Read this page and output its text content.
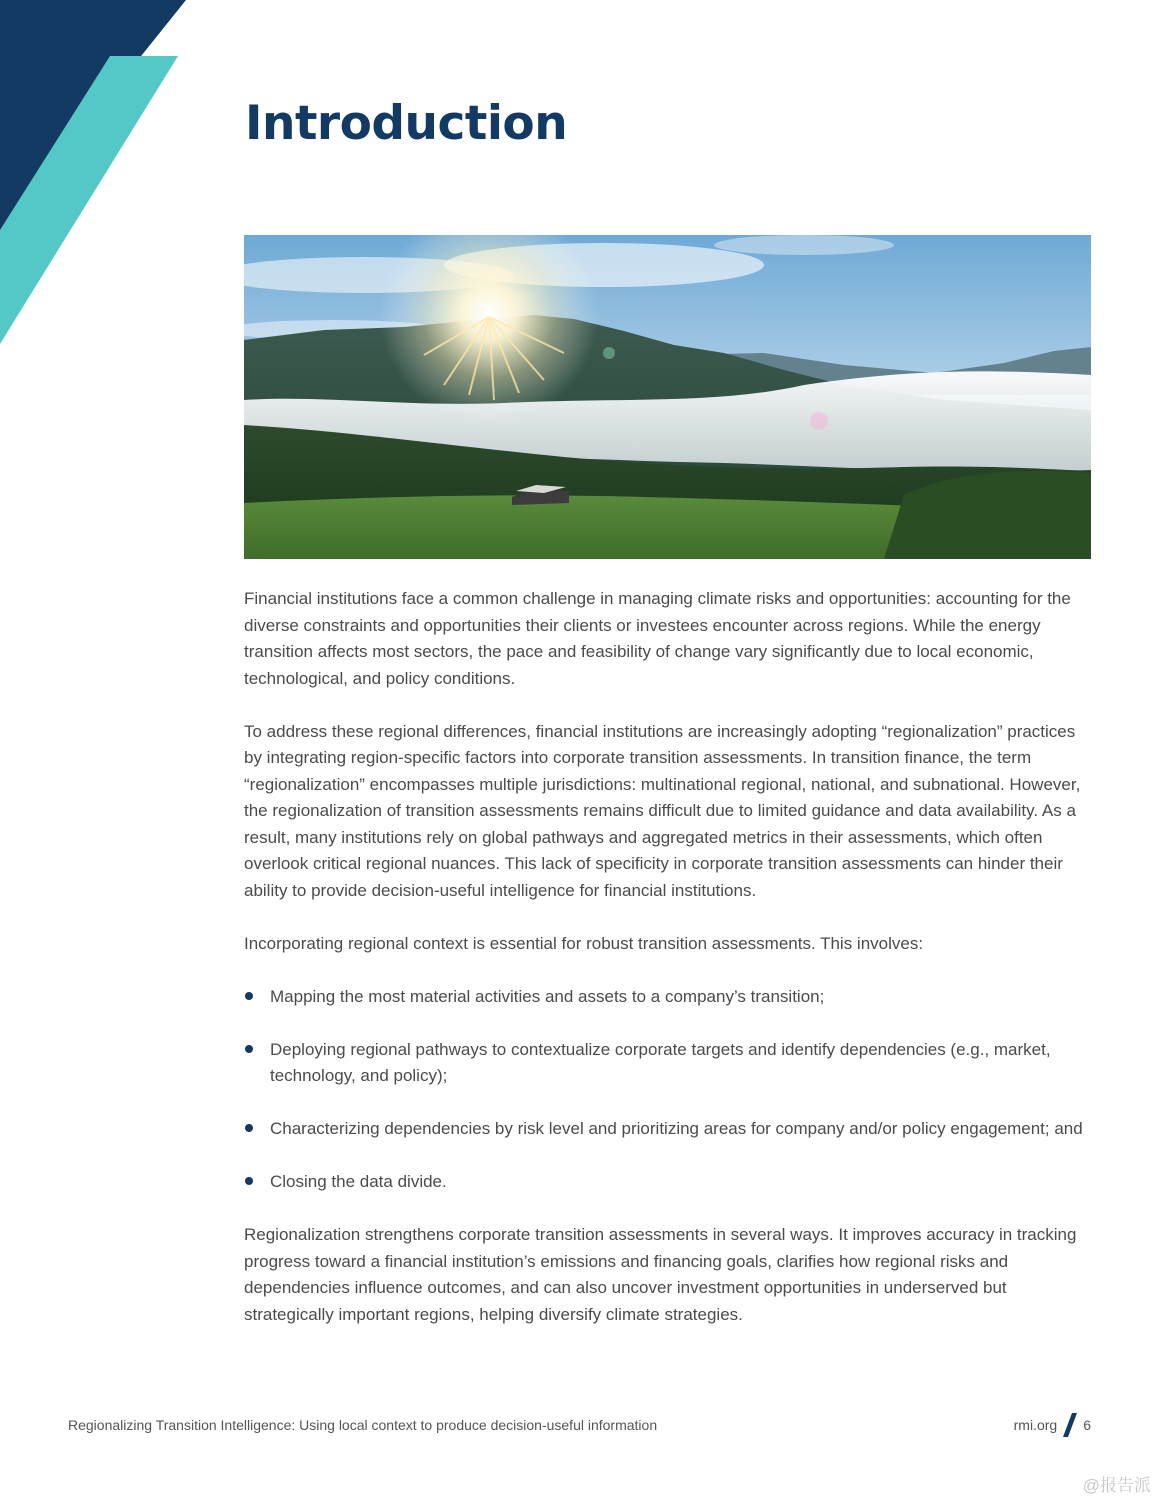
Introduction

Financial institutions face a common challenge in managing climate risks and opportunities: accounting for the diverse constraints and opportunities their clients or investees encounter across regions. While the energy transition affects most sectors, the pace and feasibility of change vary significantly due to local economic, technological, and policy conditions.

To address these regional differences, financial institutions are increasingly adopting “regionalization” practices by integrating region-specific factors into corporate transition assessments. In transition finance, the term “regionalization” encompasses multiple jurisdictions: multinational regional, national, and subnational. However, the regionalization of transition assessments remains difficult due to limited guidance and data availability. As a result, many institutions rely on global pathways and aggregated metrics in their assessments, which often overlook critical regional nuances. This lack of specificity in corporate transition assessments can hinder their ability to provide decision-useful intelligence for financial institutions.

Incorporating regional context is essential for robust transition assessments. This involves:

Mapping the most material activities and assets to a company’s transition;
Deploying regional pathways to contextualize corporate targets and identify dependencies (e.g., market, technology, and policy);
Characterizing dependencies by risk level and prioritizing areas for company and/or policy engagement; and
Closing the data divide.

Regionalization strengthens corporate transition assessments in several ways. It improves accuracy in tracking progress toward a financial institution’s emissions and financing goals, clarifies how regional risks and dependencies influence outcomes, and can also uncover investment opportunities in underserved but strategically important regions, helping diversify climate strategies.

Regionalizing Transition Intelligence: Using local context to produce decision-useful information	rmi.org 6
@报告派
